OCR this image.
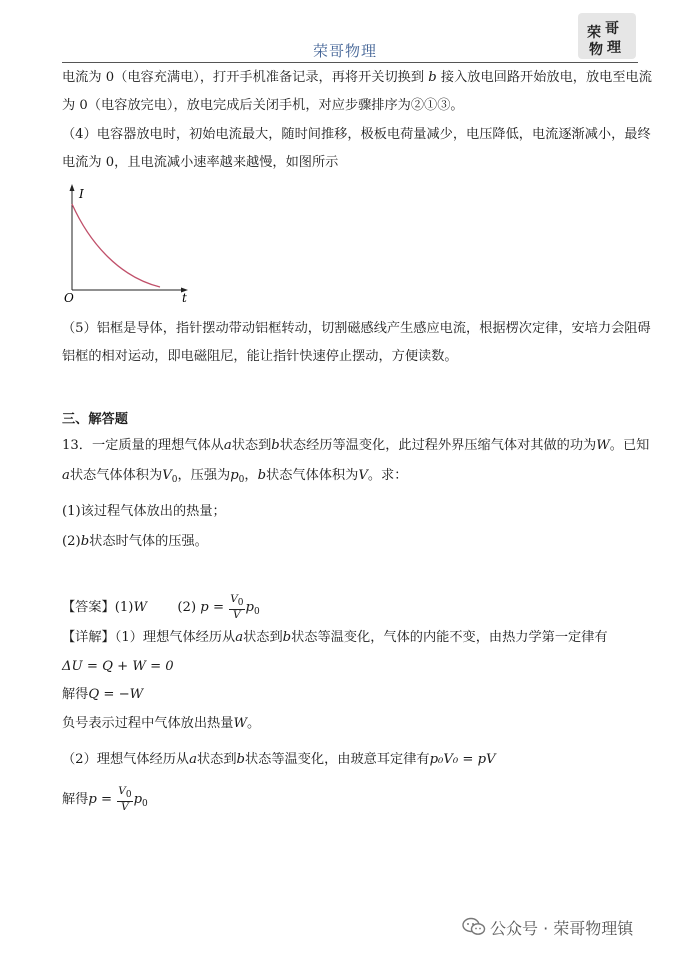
荣哥物理
荣 哥
物 理
电流为 0（电容充满电），打开手机准备记录，再将开关切换到 b 接入放电回路开始放电，放电至电流
为 0（电容放完电），放电完成后关闭手机，对应步骤排序为②①③。
（4）电容器放电时，初始电流最大，随时间推移，极板电荷量减少，电压降低，电流逐渐减小，最终
电流为 0，且电流减小速率越来越慢，如图所示
I
t
O
（5）铝框是导体，指针摆动带动铝框转动，切割磁感线产生感应电流，根据楞次定律，安培力会阻碍
铝框的相对运动，即电磁阻尼，能让指针快速停止摆动，方便读数。
三、解答题
13．一定质量的理想气体从a状态到b状态经历等温变化，此过程外界压缩气体对其做的功为W。已知
a状态气体体积为$V_0$，压强为$p_0$，b状态气体体积为V。求：
(1)该过程气体放出的热量；
(2)b状态时气体的压强。
【答案】(1)W (2) $p = \frac{V0}{V} p_0$
【详解】（1）理想气体经历从a状态到b状态等温变化，气体的内能不变，由热力学第一定律有
ΔU = Q + W = 0
解得Q = −W
负号表示过程中气体放出热量W。
（2）理想气体经历从a状态到b状态等温变化，由玻意耳定律有p₀V₀ = pV
解得$p = \frac{V0}{V} p_0$
公众号 · 荣哥物理镇
